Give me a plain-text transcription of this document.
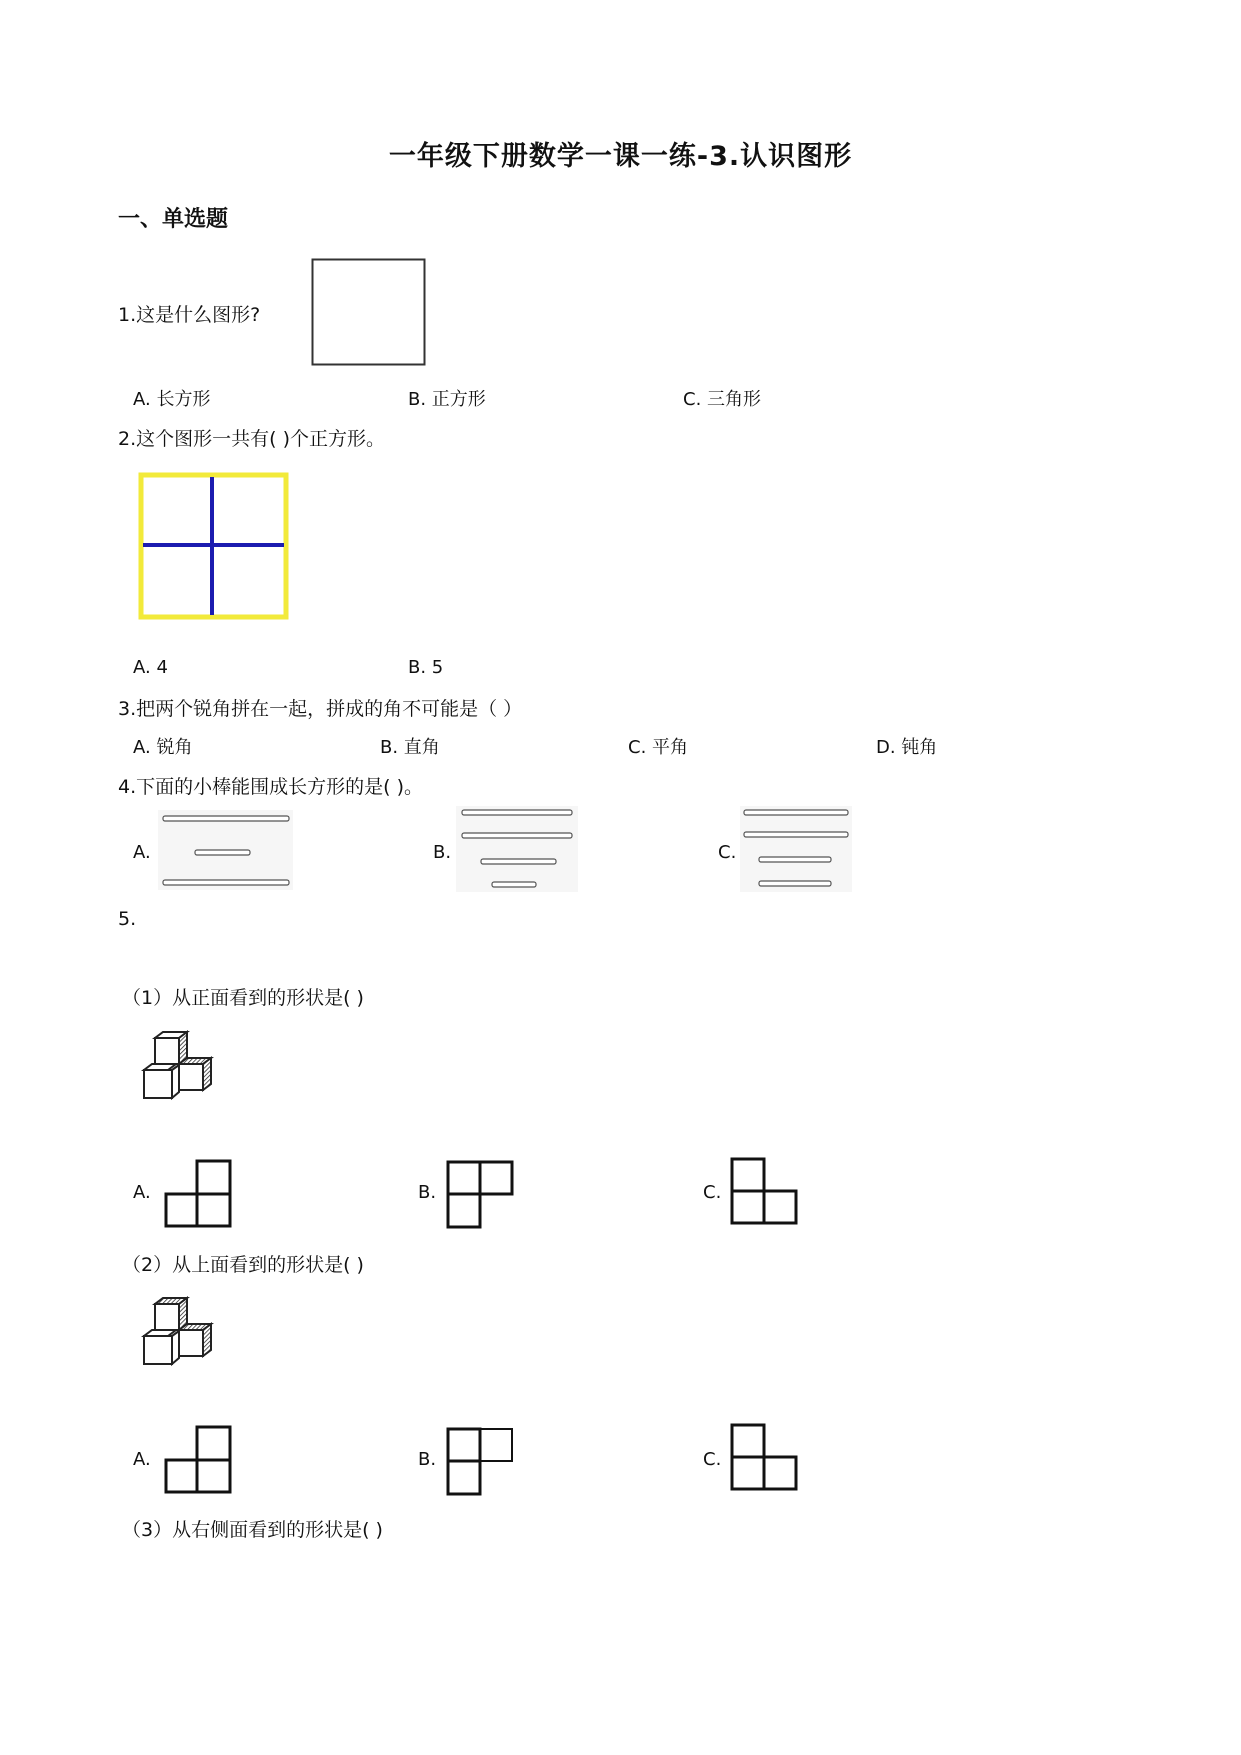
一年级下册数学一课一练-3.认识图形
一、单选题
1.这是什么图形?
A. 长方形	B. 正方形	C. 三角形
2.这个图形一共有( )个正方形。
A. 4	B. 5
3.把两个锐角拼在一起，拼成的角不可能是（ ）
A. 锐角	B. 直角	C. 平角	D. 钝角
4.下面的小棒能围成长方形的是( )。
A.	B.	C.
5.
（1）从正面看到的形状是( )
A.	B.	C.
（2）从上面看到的形状是( )
A.	B.	C.
（3）从右侧面看到的形状是( )
